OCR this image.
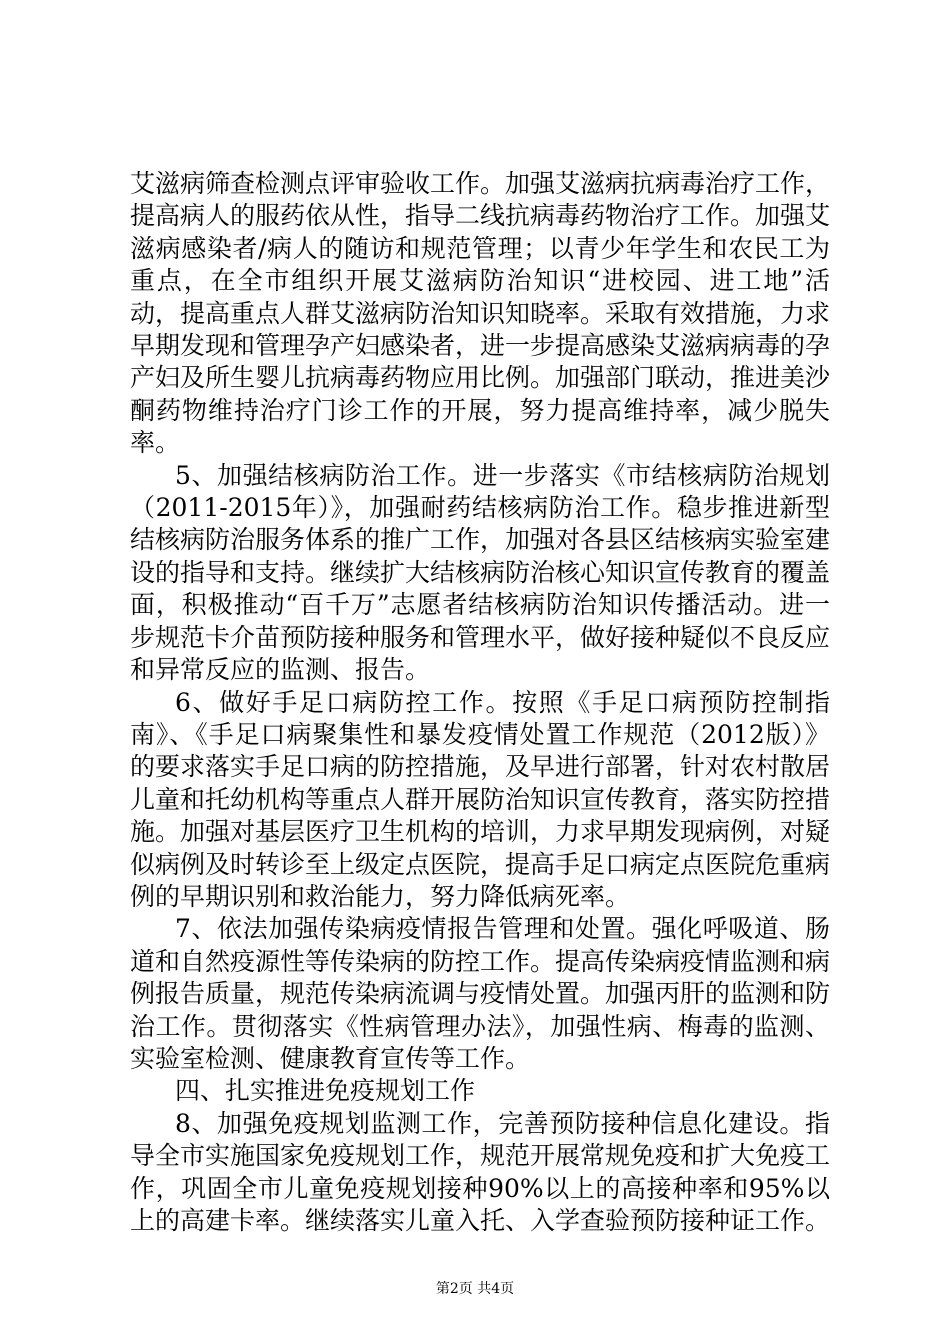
艾滋病筛查检测点评审验收工作。加强艾滋病抗病毒治疗工作，提高病人的服药依从性，指导二线抗病毒药物治疗工作。加强艾滋病感染者/病人的随访和规范管理；以青少年学生和农民工为重点，在全市组织开展艾滋病防治知识“进校园、进工地”活动，提高重点人群艾滋病防治知识知晓率。采取有效措施，力求早期发现和管理孕产妇感染者，进一步提高感染艾滋病病毒的孕产妇及所生婴儿抗病毒药物应用比例。加强部门联动，推进美沙酮药物维持治疗门诊工作的开展，努力提高维持率，减少脱失率。

5、加强结核病防治工作。进一步落实《市结核病防治规划（2011-2015年）》，加强耐药结核病防治工作。稳步推进新型结核病防治服务体系的推广工作，加强对各县区结核病实验室建设的指导和支持。继续扩大结核病防治核心知识宣传教育的覆盖面，积极推动“百千万”志愿者结核病防治知识传播活动。进一步规范卡介苗预防接种服务和管理水平，做好接种疑似不良反应和异常反应的监测、报告。

6、做好手足口病防控工作。按照《手足口病预防控制指南》、《手足口病聚集性和暴发疫情处置工作规范（2012版）》的要求落实手足口病的防控措施，及早进行部署，针对农村散居儿童和托幼机构等重点人群开展防治知识宣传教育，落实防控措施。加强对基层医疗卫生机构的培训，力求早期发现病例，对疑似病例及时转诊至上级定点医院，提高手足口病定点医院危重病例的早期识别和救治能力，努力降低病死率。

7、依法加强传染病疫情报告管理和处置。强化呼吸道、肠道和自然疫源性等传染病的防控工作。提高传染病疫情监测和病例报告质量，规范传染病流调与疫情处置。加强丙肝的监测和防治工作。贯彻落实《性病管理办法》，加强性病、梅毒的监测、实验室检测、健康教育宣传等工作。

四、扎实推进免疫规划工作

8、加强免疫规划监测工作，完善预防接种信息化建设。指导全市实施国家免疫规划工作，规范开展常规免疫和扩大免疫工作，巩固全市儿童免疫规划接种90%以上的高接种率和95%以上的高建卡率。继续落实儿童入托、入学查验预防接种证工作。

第2页 共4页
